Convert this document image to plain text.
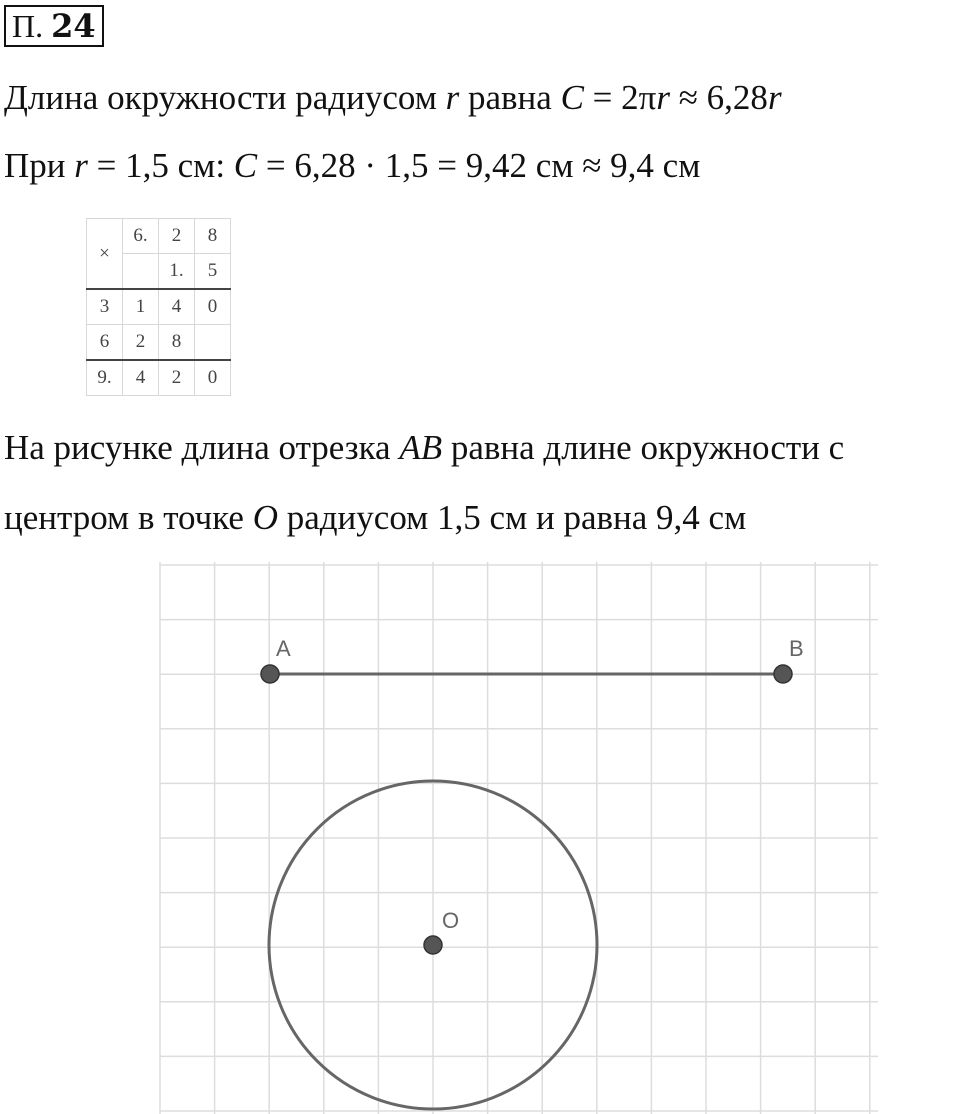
П. 24
Длина окружности радиусом r равна C = 2πr ≈ 6,28r
При r = 1,5 см: C = 6,28 · 1,5 = 9,42 см ≈ 9,4 см
×	6.	2	8
		1.	5
3	1	4	0
6	2	8	
9.	4	2	0
На рисунке длина отрезка AB равна длине окружности с
центром в точке O радиусом 1,5 см и равна 9,4 см
A	B
O
